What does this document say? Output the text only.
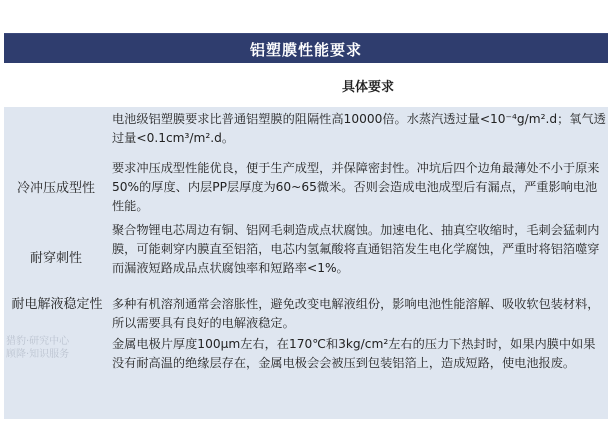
铝塑膜性能要求
具体要求
电池级铝塑膜要求比普通铝塑膜的阻隔性高10000倍。水蒸汽透过量<10⁻⁴g/m².d；氧气透过量<0.1cm³/m².d。
冷冲压成型性
要求冲压成型性能优良，便于生产成型，并保障密封性。冲坑后四个边角最薄处不小于原来50%的厚度、内层PP层厚度为60~65微米。否则会造成电池成型后有漏点，严重影响电池性能。
耐穿刺性
聚合物锂电芯周边有铜、铝网毛刺造成点状腐蚀。加速电化、抽真空收缩时，毛刺会猛刺内膜，可能刺穿内膜直至铝箔，电芯内氢氟酸将直通铝箔发生电化学腐蚀，严重时将铝箔噬穿而漏液短路成品点状腐蚀率和短路率<1%。
耐电解液稳定性 多种有机溶剂通常会溶胀性，避免改变电解液组份，影响电池性能溶解、吸收软包装材料，所以需要具有良好的电解液稳定。
金属电极片厚度100μm左右，在170℃和3kg/cm²左右的压力下热封时，如果内膜中如果没有耐高温的绝缘层存在，金属电极会会被压到包装铝箔上，造成短路，使电池报废。
猎豹·研究中心
顾降·知识服务
